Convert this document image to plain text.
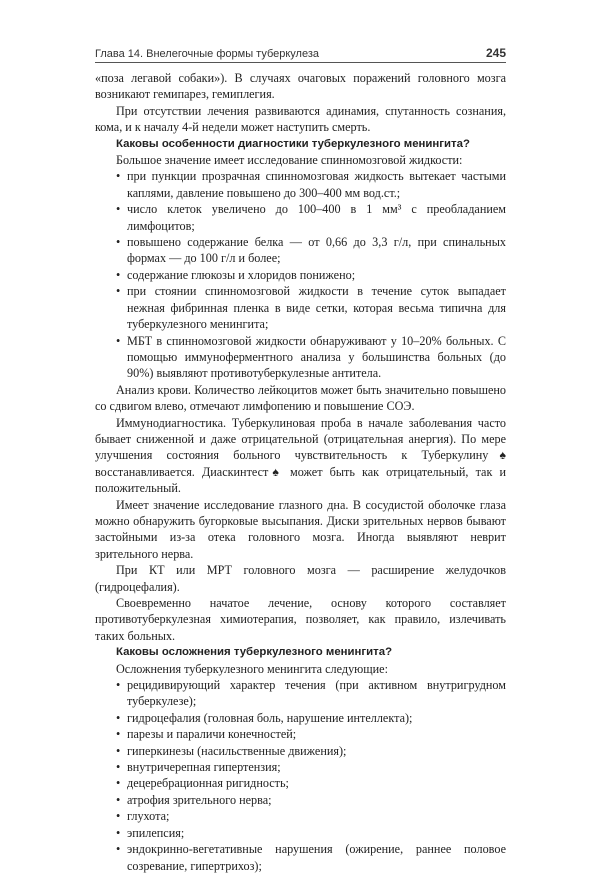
Глава 14. Внелегочные формы туберкулеза	245

«поза легавой собаки»). В случаях очаговых поражений головного мозга возникают гемипарез, гемиплегия.

При отсутствии лечения развиваются адинамия, спутанность сознания, кома, и к началу 4-й недели может наступить смерть.

Каковы особенности диагностики туберкулезного менингита?

Большое значение имеет исследование спинномозговой жидкости:

• при пункции прозрачная спинномозговая жидкость вытекает частыми каплями, давление повышено до 300–400 мм вод.ст.;
• число клеток увеличено до 100–400 в 1 мм³ с преобладанием лимфоцитов;
• повышено содержание белка — от 0,66 до 3,3 г/л, при спинальных формах — до 100 г/л и более;
• содержание глюкозы и хлоридов понижено;
• при стоянии спинномозговой жидкости в течение суток выпадает нежная фибринная пленка в виде сетки, которая весьма типична для туберкулезного менингита;
• МБТ в спинномозговой жидкости обнаруживают у 10–20% больных. С помощью иммуноферментного анализа у большинства больных (до 90%) выявляют противотуберкулезные антитела.

Анализ крови. Количество лейкоцитов может быть значительно повышено со сдвигом влево, отмечают лимфопению и повышение СОЭ.

Иммунодиагностика. Туберкулиновая проба в начале заболевания часто бывает сниженной и даже отрицательной (отрицательная анергия). По мере улучшения состояния больного чувствительность к Туберкулину♠ восстанавливается. Диаскинтест♠ может быть как отрицательный, так и положительный.

Имеет значение исследование глазного дна. В сосудистой оболочке глаза можно обнаружить бугорковые высыпания. Диски зрительных нервов бывают застойными из-за отека головного мозга. Иногда выявляют неврит зрительного нерва.

При КТ или МРТ головного мозга — расширение желудочков (гидроцефалия).

Своевременно начатое лечение, основу которого составляет противотуберкулезная химиотерапия, позволяет, как правило, излечивать таких больных.

Каковы осложнения туберкулезного менингита?

Осложнения туберкулезного менингита следующие:

• рецидивирующий характер течения (при активном внутригрудном туберкулезе);
• гидроцефалия (головная боль, нарушение интеллекта);
• парезы и параличи конечностей;
• гиперкинезы (насильственные движения);
• внутричерепная гипертензия;
• децеребрационная ригидность;
• атрофия зрительного нерва;
• глухота;
• эпилепсия;
• эндокринно-вегетативные нарушения (ожирение, раннее половое созревание, гипертрихоз);
